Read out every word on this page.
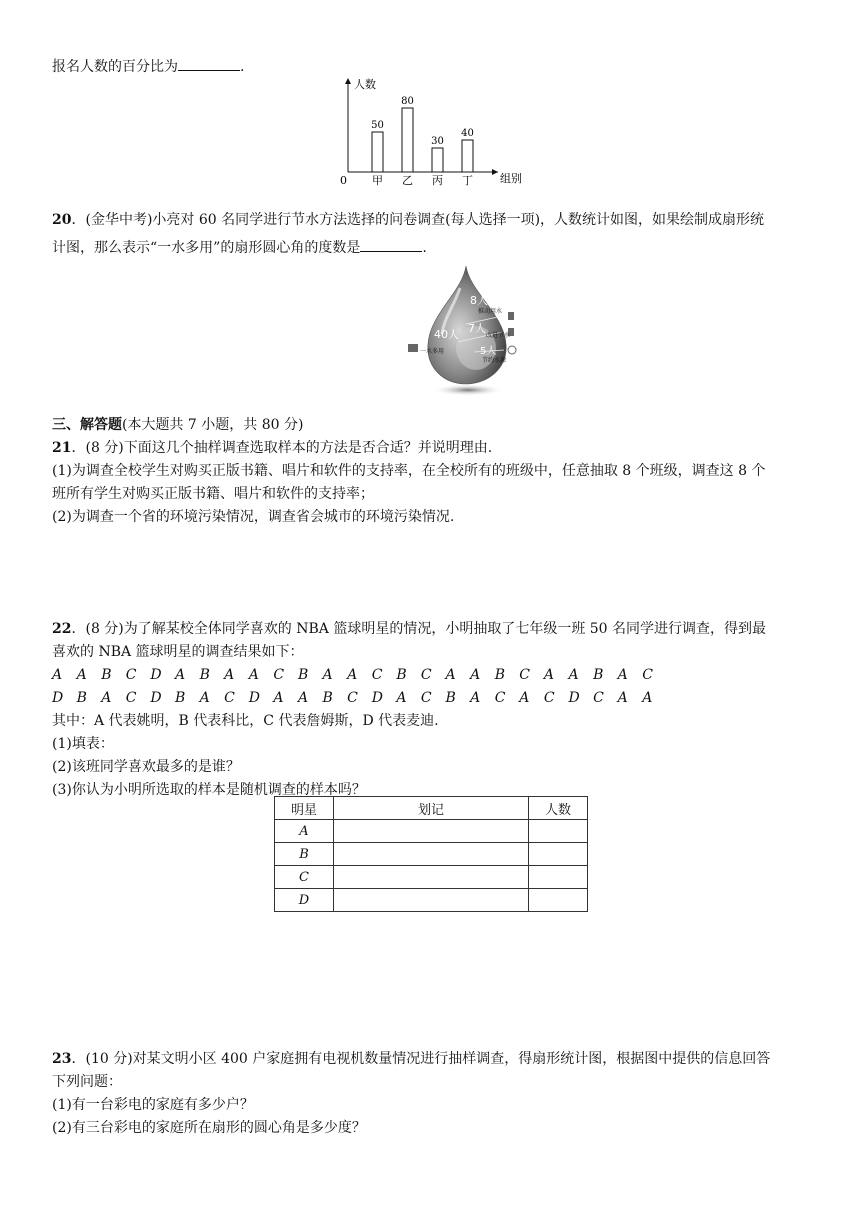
报名人数的百分比为	.
人数
组别
0
50
甲
80
乙
30
丙
40
丁
20．(金华中考)小亮对 60 名同学进行节水方法选择的问卷调查(每人选择一项)，人数统计如图，如果绘制成扇形统
计图，那么表示“一水多用”的扇形圆心角的度数是	.
8人
推动用水
7人
改进节水
40人
一水多用	5人
节约水源
三、解答题(本大题共 7 小题，共 80 分)
21．(8 分)下面这几个抽样调查选取样本的方法是否合适？并说明理由.
(1)为调查全校学生对购买正版书籍、唱片和软件的支持率，在全校所有的班级中，任意抽取 8 个班级，调查这 8 个
班所有学生对购买正版书籍、唱片和软件的支持率；
(2)为调查一个省的环境污染情况，调查省会城市的环境污染情况.
22．(8 分)为了解某校全体同学喜欢的 NBA 篮球明星的情况，小明抽取了七年级一班 50 名同学进行调查，得到最
喜欢的 NBA 篮球明星的调查结果如下：
A A B C D A B A A C B A A C B C A A B C A A B A C
D B A C D B A C D A A B C D A C B A C A C D C A A
其中：A 代表姚明，B 代表科比，C 代表詹姆斯，D 代表麦迪.
(1)填表：
(2)该班同学喜欢最多的是谁？
(3)你认为小明所选取的样本是随机调查的样本吗？
明星	划记	人数
A		
B		
C		
D		
23．(10 分)对某文明小区 400 户家庭拥有电视机数量情况进行抽样调查，得扇形统计图，根据图中提供的信息回答
下列问题：
(1)有一台彩电的家庭有多少户？
(2)有三台彩电的家庭所在扇形的圆心角是多少度？
